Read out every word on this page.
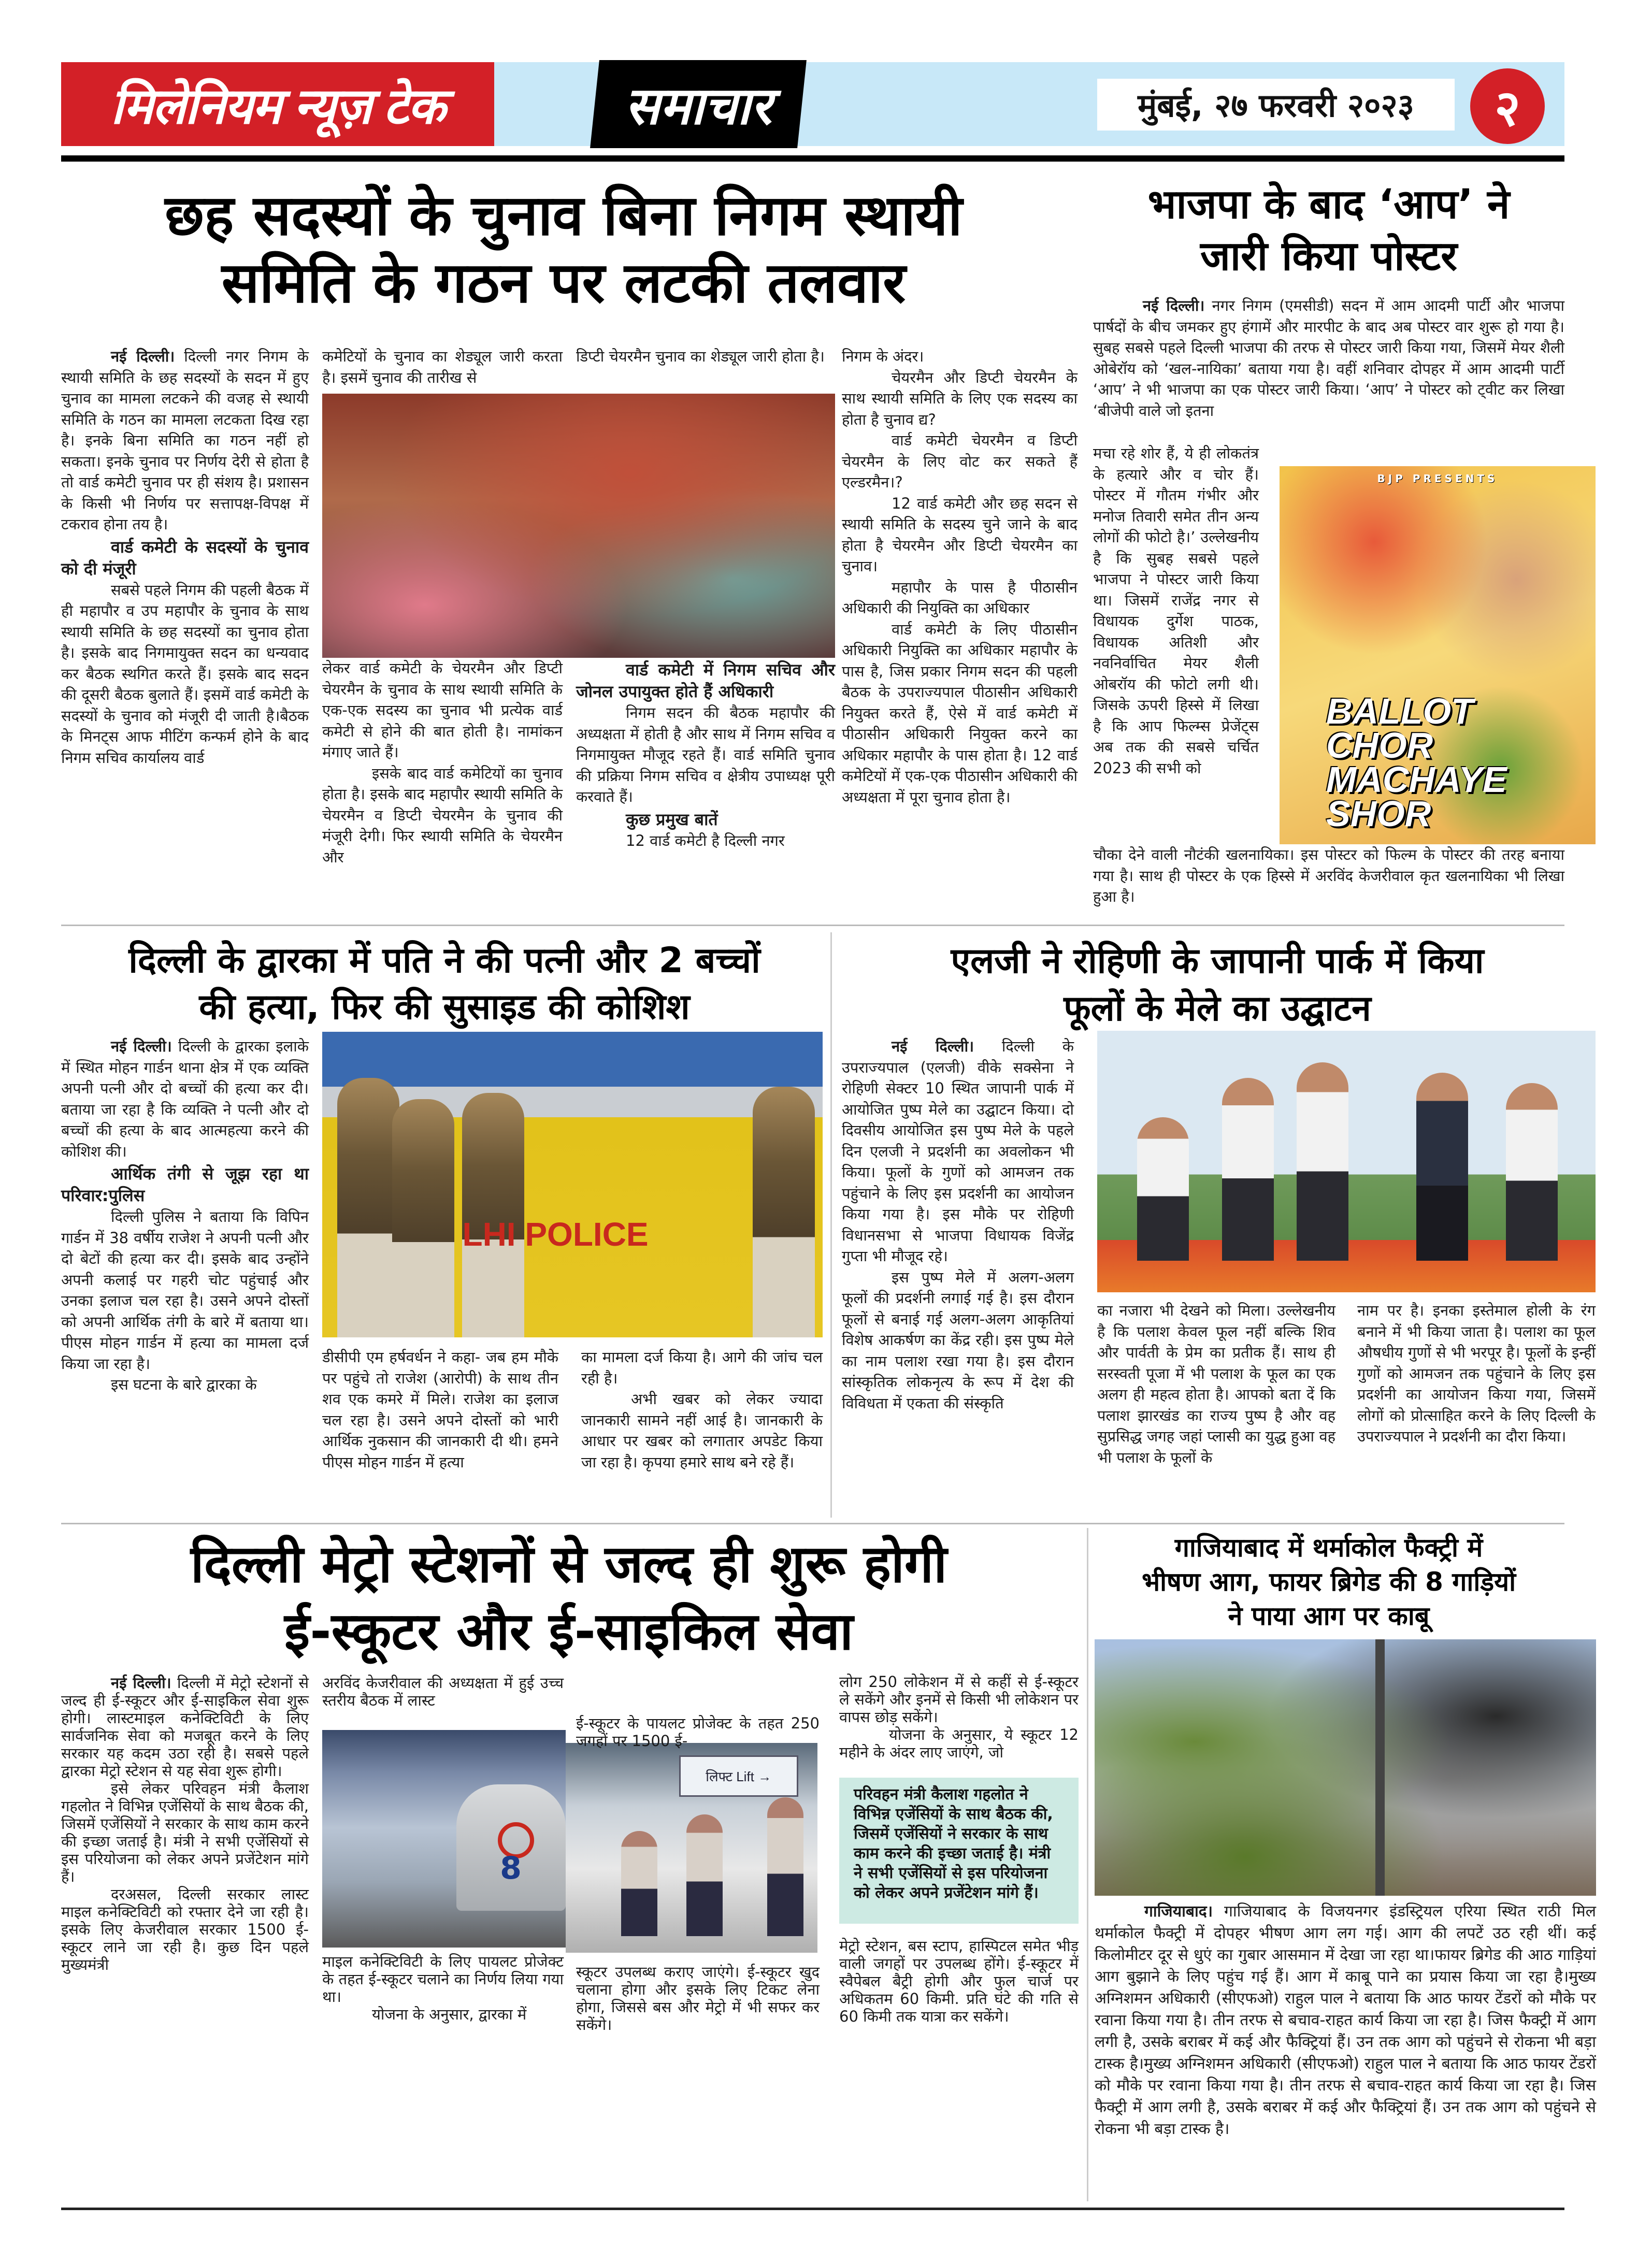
मिलेनियम न्यूज़ टेक	समाचार	मुंबई, २७ फरवरी २०२३	२
छह सदस्यों के चुनाव बिना निगम स्थायी
समिति के गठन पर लटकी तलवार

नई दिल्ली। दिल्ली नगर निगम के स्थायी समिति के छह सदस्यों के सदन में हुए चुनाव का मामला लटकने की वजह से स्थायी समिति के गठन का मामला लटकता दिख रहा है। इनके बिना समिति का गठन नहीं हो सकता। इनके चुनाव पर निर्णय देरी से होता है तो वार्ड कमेटी चुनाव पर ही संशय है। प्रशासन के किसी भी निर्णय पर सत्तापक्ष-विपक्ष में टकराव होना तय है।

वार्ड कमेटी के सदस्यों के चुनाव को दी मंजूरी

सबसे पहले निगम की पहली बैठक में ही महापौर व उप महापौर के चुनाव के साथ स्थायी समिति के छह सदस्यों का चुनाव होता है। इसके बाद निगमायुक्त सदन का धन्यवाद कर बैठक स्थगित करते हैं। इसके बाद सदन की दूसरी बैठक बुलाते हैं। इसमें वार्ड कमेटी के सदस्यों के चुनाव को मंजूरी दी जाती है।बैठक के मिनट्स आफ मीटिंग कन्फर्म होने के बाद निगम सचिव कार्यालय वार्ड

कमेटियों के चुनाव का शेड्यूल जारी करता है। इसमें चुनाव की तारीख से

लेकर वार्ड कमेटी के चेयरमैन और डिप्टी चेयरमैन के चुनाव के साथ स्थायी समिति के एक-एक सदस्य का चुनाव भी प्रत्येक वार्ड कमेटी से होने की बात होती है। नामांकन मंगाए जाते हैं।

इसके बाद वार्ड कमेटियों का चुनाव होता है। इसके बाद महापौर स्थायी समिति के चेयरमैन व डिप्टी चेयरमैन के चुनाव की मंजूरी देगी। फिर स्थायी समिति के चेयरमैन और

डिप्टी चेयरमैन चुनाव का शेड्यूल जारी होता है।

वार्ड कमेटी में निगम सचिव और जोनल उपायुक्त होते हैं अधिकारी

निगम सदन की बैठक महापौर की अध्यक्षता में होती है और साथ में निगम सचिव व निगमायुक्त मौजूद रहते हैं। वार्ड समिति चुनाव की प्रक्रिया निगम सचिव व क्षेत्रीय उपाध्यक्ष पूरी करवाते हैं।

कुछ प्रमुख बातें

12 वार्ड कमेटी है दिल्ली नगर

निगम के अंदर।

चेयरमैन और डिप्टी चेयरमैन के साथ स्थायी समिति के लिए एक सदस्य का होता है चुनाव द्य?

वार्ड कमेटी चेयरमैन व डिप्टी चेयरमैन के लिए वोट कर सकते हैं एल्डरमैन।?

12 वार्ड कमेटी और छह सदन से स्थायी समिति के सदस्य चुने जाने के बाद होता है चेयरमैन और डिप्टी चेयरमैन का चुनाव।

महापौर के पास है पीठासीन अधिकारी की नियुक्ति का अधिकार

वार्ड कमेटी के लिए पीठासीन अधिकारी नियुक्ति का अधिकार महापौर के पास है, जिस प्रकार निगम सदन की पहली बैठक के उपराज्यपाल पीठासीन अधिकारी नियुक्त करते हैं, ऐसे में वार्ड कमेटी में पीठासीन अधिकारी नियुक्त करने का अधिकार महापौर के पास होता है। 12 वार्ड कमेटियों में एक-एक पीठासीन अधिकारी की अध्यक्षता में पूरा चुनाव होता है।

भाजपा के बाद ‘आप’ ने
जारी किया पोस्टर

नई दिल्ली। नगर निगम (एमसीडी) सदन में आम आदमी पार्टी और भाजपा पार्षदों के बीच जमकर हुए हंगामें और मारपीट के बाद अब पोस्टर वार शुरू हो गया है। सुबह सबसे पहले दिल्ली भाजपा की तरफ से पोस्टर जारी किया गया, जिसमें मेयर शैली ओबेरॉय को ‘खल-नायिका’ बताया गया है। वहीं शनिवार दोपहर में आम आदमी पार्टी ‘आप’ ने भी भाजपा का एक पोस्टर जारी किया। ‘आप’ ने पोस्टर को ट्वीट कर लिखा ‘बीजेपी वाले जो इतना

मचा रहे शोर हैं, ये ही लोकतंत्र के हत्यारे और व चोर हैं। पोस्टर में गौतम गंभीर और मनोज तिवारी समेत तीन अन्य लोगों की फोटो है।’ उल्लेखनीय है कि सुबह सबसे पहले भाजपा ने पोस्टर जारी किया था। जिसमें राजेंद्र नगर से विधायक दुर्गेश पाठक, विधायक अतिशी और नवनिर्वाचित मेयर शैली ओबरॉय की फोटो लगी थी। जिसके ऊपरी हिस्से में लिखा है कि आप फिल्म्स प्रेजेंट्स अब तक की सबसे चर्चित 2023 की सभी को

BJP PRESENTS
BALLOT CHOR MACHAYE SHOR

चौका देने वाली नौटंकी खलनायिका। इस पोस्टर को फिल्म के पोस्टर की तरह बनाया गया है। साथ ही पोस्टर के एक हिस्से में अरविंद केजरीवाल कृत खलनायिका भी लिखा हुआ है।

दिल्ली के द्वारका में पति ने की पत्नी और 2 बच्चों
की हत्या, फिर की सुसाइड की कोशिश

नई दिल्ली। दिल्ली के द्वारका इलाके में स्थित मोहन गार्डन थाना क्षेत्र में एक व्यक्ति अपनी पत्नी और दो बच्चों की हत्या कर दी। बताया जा रहा है कि व्यक्ति ने पत्नी और दो बच्चों की हत्या के बाद आत्महत्या करने की कोशिश की।

आर्थिक तंगी से जूझ रहा था परिवार:पुलिस

दिल्ली पुलिस ने बताया कि विपिन गार्डन में 38 वर्षीय राजेश ने अपनी पत्नी और दो बेटों की हत्या कर दी। इसके बाद उन्होंने अपनी कलाई पर गहरी चोट पहुंचाई और उनका इलाज चल रहा है। उसने अपने दोस्तों को अपनी आर्थिक तंगी के बारे में बताया था। पीएस मोहन गार्डन में हत्या का मामला दर्ज किया जा रहा है।

इस घटना के बारे द्वारका के

LHI POLICE

डीसीपी एम हर्षवर्धन ने कहा- जब हम मौके पर पहुंचे तो राजेश (आरोपी) के साथ तीन शव एक कमरे में मिले। राजेश का इलाज चल रहा है। उसने अपने दोस्तों को भारी आर्थिक नुकसान की जानकारी दी थी। हमने पीएस मोहन गार्डन में हत्या

का मामला दर्ज किया है। आगे की जांच चल रही है।

अभी खबर को लेकर ज्यादा जानकारी सामने नहीं आई है। जानकारी के आधार पर खबर को लगातार अपडेट किया जा रहा है। कृपया हमारे साथ बने रहे हैं।

एलजी ने रोहिणी के जापानी पार्क में किया
फूलों के मेले का उद्घाटन

नई दिल्ली। दिल्ली के उपराज्यपाल (एलजी) वीके सक्सेना ने रोहिणी सेक्टर 10 स्थित जापानी पार्क में आयोजित पुष्प मेले का उद्घाटन किया। दो दिवसीय आयोजित इस पुष्प मेले के पहले दिन एलजी ने प्रदर्शनी का अवलोकन भी किया। फूलों के गुणों को आमजन तक पहुंचाने के लिए इस प्रदर्शनी का आयोजन किया गया है। इस मौके पर रोहिणी विधानसभा से भाजपा विधायक विजेंद्र गुप्ता भी मौजूद रहे।

इस पुष्प मेले में अलग-अलग फूलों की प्रदर्शनी लगाई गई है। इस दौरान फूलों से बनाई गई अलग-अलग आकृतियां विशेष आकर्षण का केंद्र रही। इस पुष्प मेले का नाम पलाश रखा गया है। इस दौरान सांस्कृतिक लोकनृत्य के रूप में देश की विविधता में एकता की संस्कृति

का नजारा भी देखने को मिला। उल्लेखनीय है कि पलाश केवल फूल नहीं बल्कि शिव और पार्वती के प्रेम का प्रतीक हैं। साथ ही सरस्वती पूजा में भी पलाश के फूल का एक अलग ही महत्व होता है। आपको बता दें कि पलाश झारखंड का राज्य पुष्प है और वह सुप्रसिद्ध जगह जहां प्लासी का युद्ध हुआ वह भी पलाश के फूलों के

नाम पर है। इनका इस्तेमाल होली के रंग बनाने में भी किया जाता है। पलाश का फूल औषधीय गुणों से भी भरपूर है। फूलों के इन्हीं गुणों को आमजन तक पहुंचाने के लिए इस प्रदर्शनी का आयोजन किया गया, जिसमें लोगों को प्रोत्साहित करने के लिए दिल्ली के उपराज्यपाल ने प्रदर्शनी का दौरा किया।

दिल्ली मेट्रो स्टेशनों से जल्द ही शुरू होगी
ई-स्कूटर और ई-साइकिल सेवा

नई दिल्ली। दिल्ली में मेट्रो स्टेशनों से जल्द ही ई-स्कूटर और ई-साइकिल सेवा शुरू होगी। लास्टमाइल कनेक्टिविटी के लिए सार्वजनिक सेवा को मजबूत करने के लिए सरकार यह कदम उठा रही है। सबसे पहले द्वारका मेट्रो स्टेशन से यह सेवा शुरू होगी।

इसे लेकर परिवहन मंत्री कैलाश गहलोत ने विभिन्न एजेंसियों के साथ बैठक की, जिसमें एजेंसियों ने सरकार के साथ काम करने की इच्छा जताई है। मंत्री ने सभी एजेंसियों से इस परियोजना को लेकर अपने प्रजेंटेशन मांगे हैं।

दरअसल, दिल्ली सरकार लास्ट माइल कनेक्टिविटी को रफ्तार देने जा रही है। इसके लिए केजरीवाल सरकार 1500 ई-स्कूटर लाने जा रही है। कुछ दिन पहले मुख्यमंत्री

अरविंद केजरीवाल की अध्यक्षता में हुई उच्च स्तरीय बैठक में लास्ट

8
लिफ्ट Lift →

माइल कनेक्टिविटी के लिए पायलट प्रोजेक्ट के तहत ई-स्कूटर चलाने का निर्णय लिया गया था।

योजना के अनुसार, द्वारका में

ई-स्कूटर के पायलट प्रोजेक्ट के तहत 250 जगहों पर 1500 ई-

स्कूटर उपलब्ध कराए जाएंगे। ई-स्कूटर खुद चलाना होगा और इसके लिए टिकट लेना होगा, जिससे बस और मेट्रो में भी सफर कर सकेंगे।

लोग 250 लोकेशन में से कहीं से ई-स्कूटर ले सकेंगे और इनमें से किसी भी लोकेशन पर वापस छोड़ सकेंगे।

योजना के अनुसार, ये स्कूटर 12 महीने के अंदर लाए जाएंगे, जो

परिवहन मंत्री कैलाश गहलोत ने विभिन्न एजेंसियों के साथ बैठक की, जिसमें एजेंसियों ने सरकार के साथ काम करने की इच्छा जताई है। मंत्री ने सभी एजेंसियों से इस परियोजना को लेकर अपने प्रजेंटेशन मांगे हैं।

मेट्रो स्टेशन, बस स्टाप, हास्पिटल समेत भीड़ वाली जगहों पर उपलब्ध होंगे। ई-स्कूटर में स्वैपेबल बैट्री होगी और फुल चार्ज पर अधिकतम 60 किमी. प्रति घंटे की गति से 60 किमी तक यात्रा कर सकेंगे।

गाजियाबाद में थर्माकोल फैक्ट्री में
भीषण आग, फायर ब्रिगेड की 8 गाड़ियों
ने पाया आग पर काबू

गाजियाबाद। गाजियाबाद के विजयनगर इंडस्ट्रियल एरिया स्थित राठी मिल थर्माकोल फैक्ट्री में दोपहर भीषण आग लग गई। आग की लपटें उठ रही थीं। कई किलोमीटर दूर से धुएं का गुबार आसमान में देखा जा रहा था।फायर ब्रिगेड की आठ गाड़ियां आग बुझाने के लिए पहुंच गई हैं। आग में काबू पाने का प्रयास किया जा रहा है।मुख्य अग्निशमन अधिकारी (सीएफओ) राहुल पाल ने बताया कि आठ फायर टेंडरों को मौके पर रवाना किया गया है। तीन तरफ से बचाव-राहत कार्य किया जा रहा है। जिस फैक्ट्री में आग लगी है, उसके बराबर में कई और फैक्ट्रियां हैं। उन तक आग को पहुंचने से रोकना भी बड़ा टास्क है।मुख्य अग्निशमन अधिकारी (सीएफओ) राहुल पाल ने बताया कि आठ फायर टेंडरों को मौके पर रवाना किया गया है। तीन तरफ से बचाव-राहत कार्य किया जा रहा है। जिस फैक्ट्री में आग लगी है, उसके बराबर में कई और फैक्ट्रियां हैं। उन तक आग को पहुंचने से रोकना भी बड़ा टास्क है।
